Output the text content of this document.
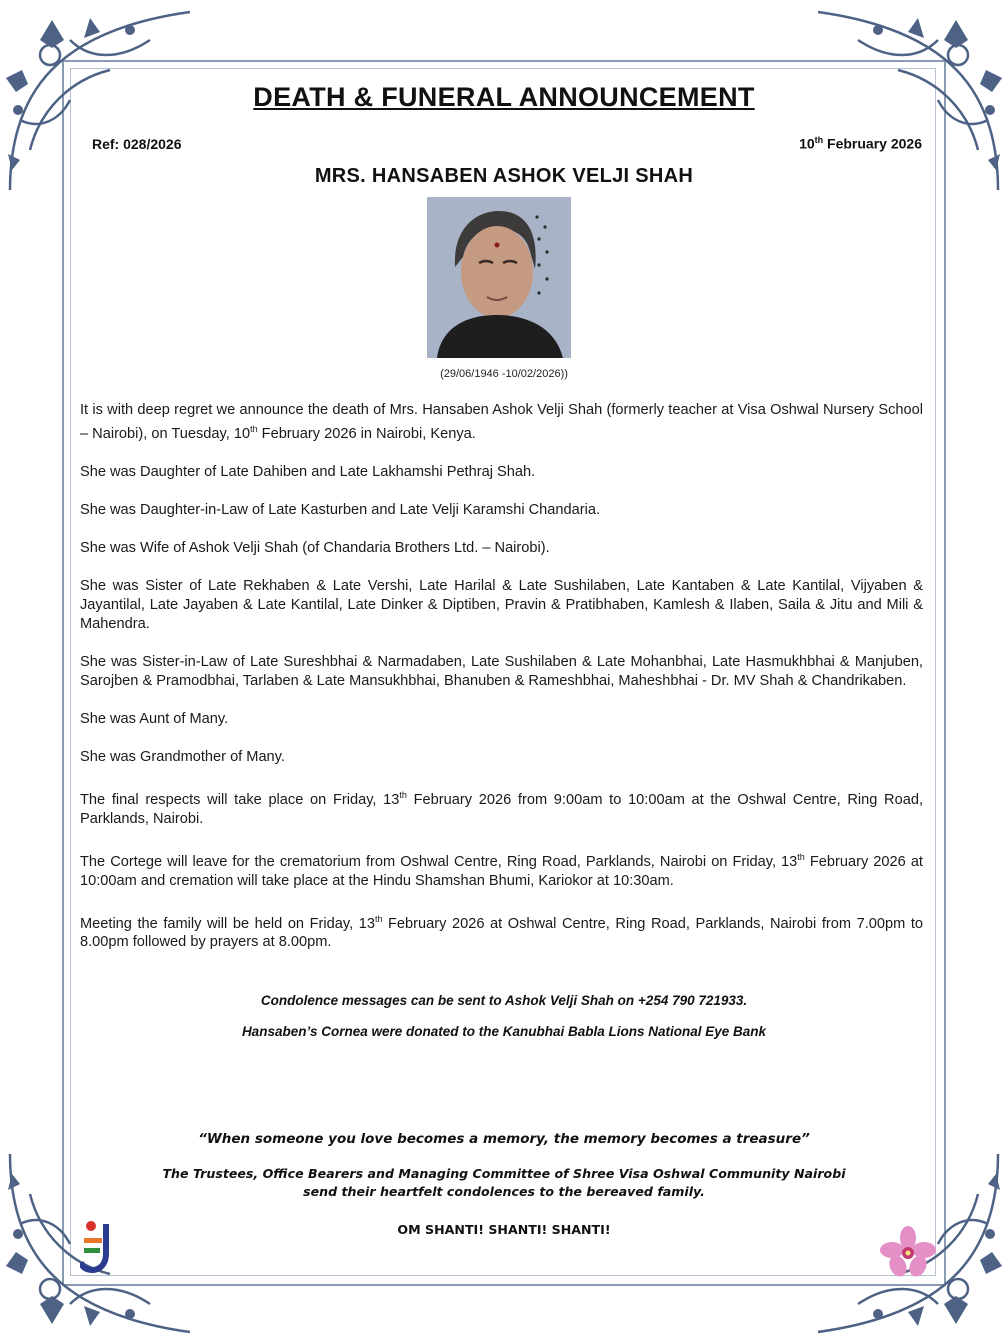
DEATH & FUNERAL ANNOUNCEMENT
Ref: 028/2026	10th February 2026
MRS. HANSABEN ASHOK VELJI SHAH
(29/06/1946 -10/02/2026))

It is with deep regret we announce the death of Mrs. Hansaben Ashok Velji Shah (formerly teacher at Visa Oshwal Nursery School – Nairobi), on Tuesday, 10th February 2026 in Nairobi, Kenya.

She was Daughter of Late Dahiben and Late Lakhamshi Pethraj Shah.

She was Daughter-in-Law of Late Kasturben and Late Velji Karamshi Chandaria.

She was Wife of Ashok Velji Shah (of Chandaria Brothers Ltd. – Nairobi).

She was Sister of Late Rekhaben & Late Vershi, Late Harilal & Late Sushilaben, Late Kantaben & Late Kantilal, Vijyaben & Jayantilal, Late Jayaben & Late Kantilal, Late Dinker & Diptiben, Pravin & Pratibhaben, Kamlesh & Ilaben, Saila & Jitu and Mili & Mahendra.

She was Sister-in-Law of Late Sureshbhai & Narmadaben, Late Sushilaben & Late Mohanbhai, Late Hasmukhbhai & Manjuben, Sarojben & Pramodbhai, Tarlaben & Late Mansukhbhai, Bhanuben & Rameshbhai, Maheshbhai - Dr. MV Shah & Chandrikaben.

She was Aunt of Many.

She was Grandmother of Many.

The final respects will take place on Friday, 13th February 2026 from 9:00am to 10:00am at the Oshwal Centre, Ring Road, Parklands, Nairobi.

The Cortege will leave for the crematorium from Oshwal Centre, Ring Road, Parklands, Nairobi on Friday, 13th February 2026 at 10:00am and cremation will take place at the Hindu Shamshan Bhumi, Kariokor at 10:30am.

Meeting the family will be held on Friday, 13th February 2026 at Oshwal Centre, Ring Road, Parklands, Nairobi from 7.00pm to 8.00pm followed by prayers at 8.00pm.

Condolence messages can be sent to Ashok Velji Shah on +254 790 721933.
Hansaben’s Cornea were donated to the Kanubhai Babla Lions National Eye Bank
“When someone you love becomes a memory, the memory becomes a treasure”
The Trustees, Office Bearers and Managing Committee of Shree Visa Oshwal Community Nairobi
send their heartfelt condolences to the bereaved family.
OM SHANTI! SHANTI! SHANTI!
